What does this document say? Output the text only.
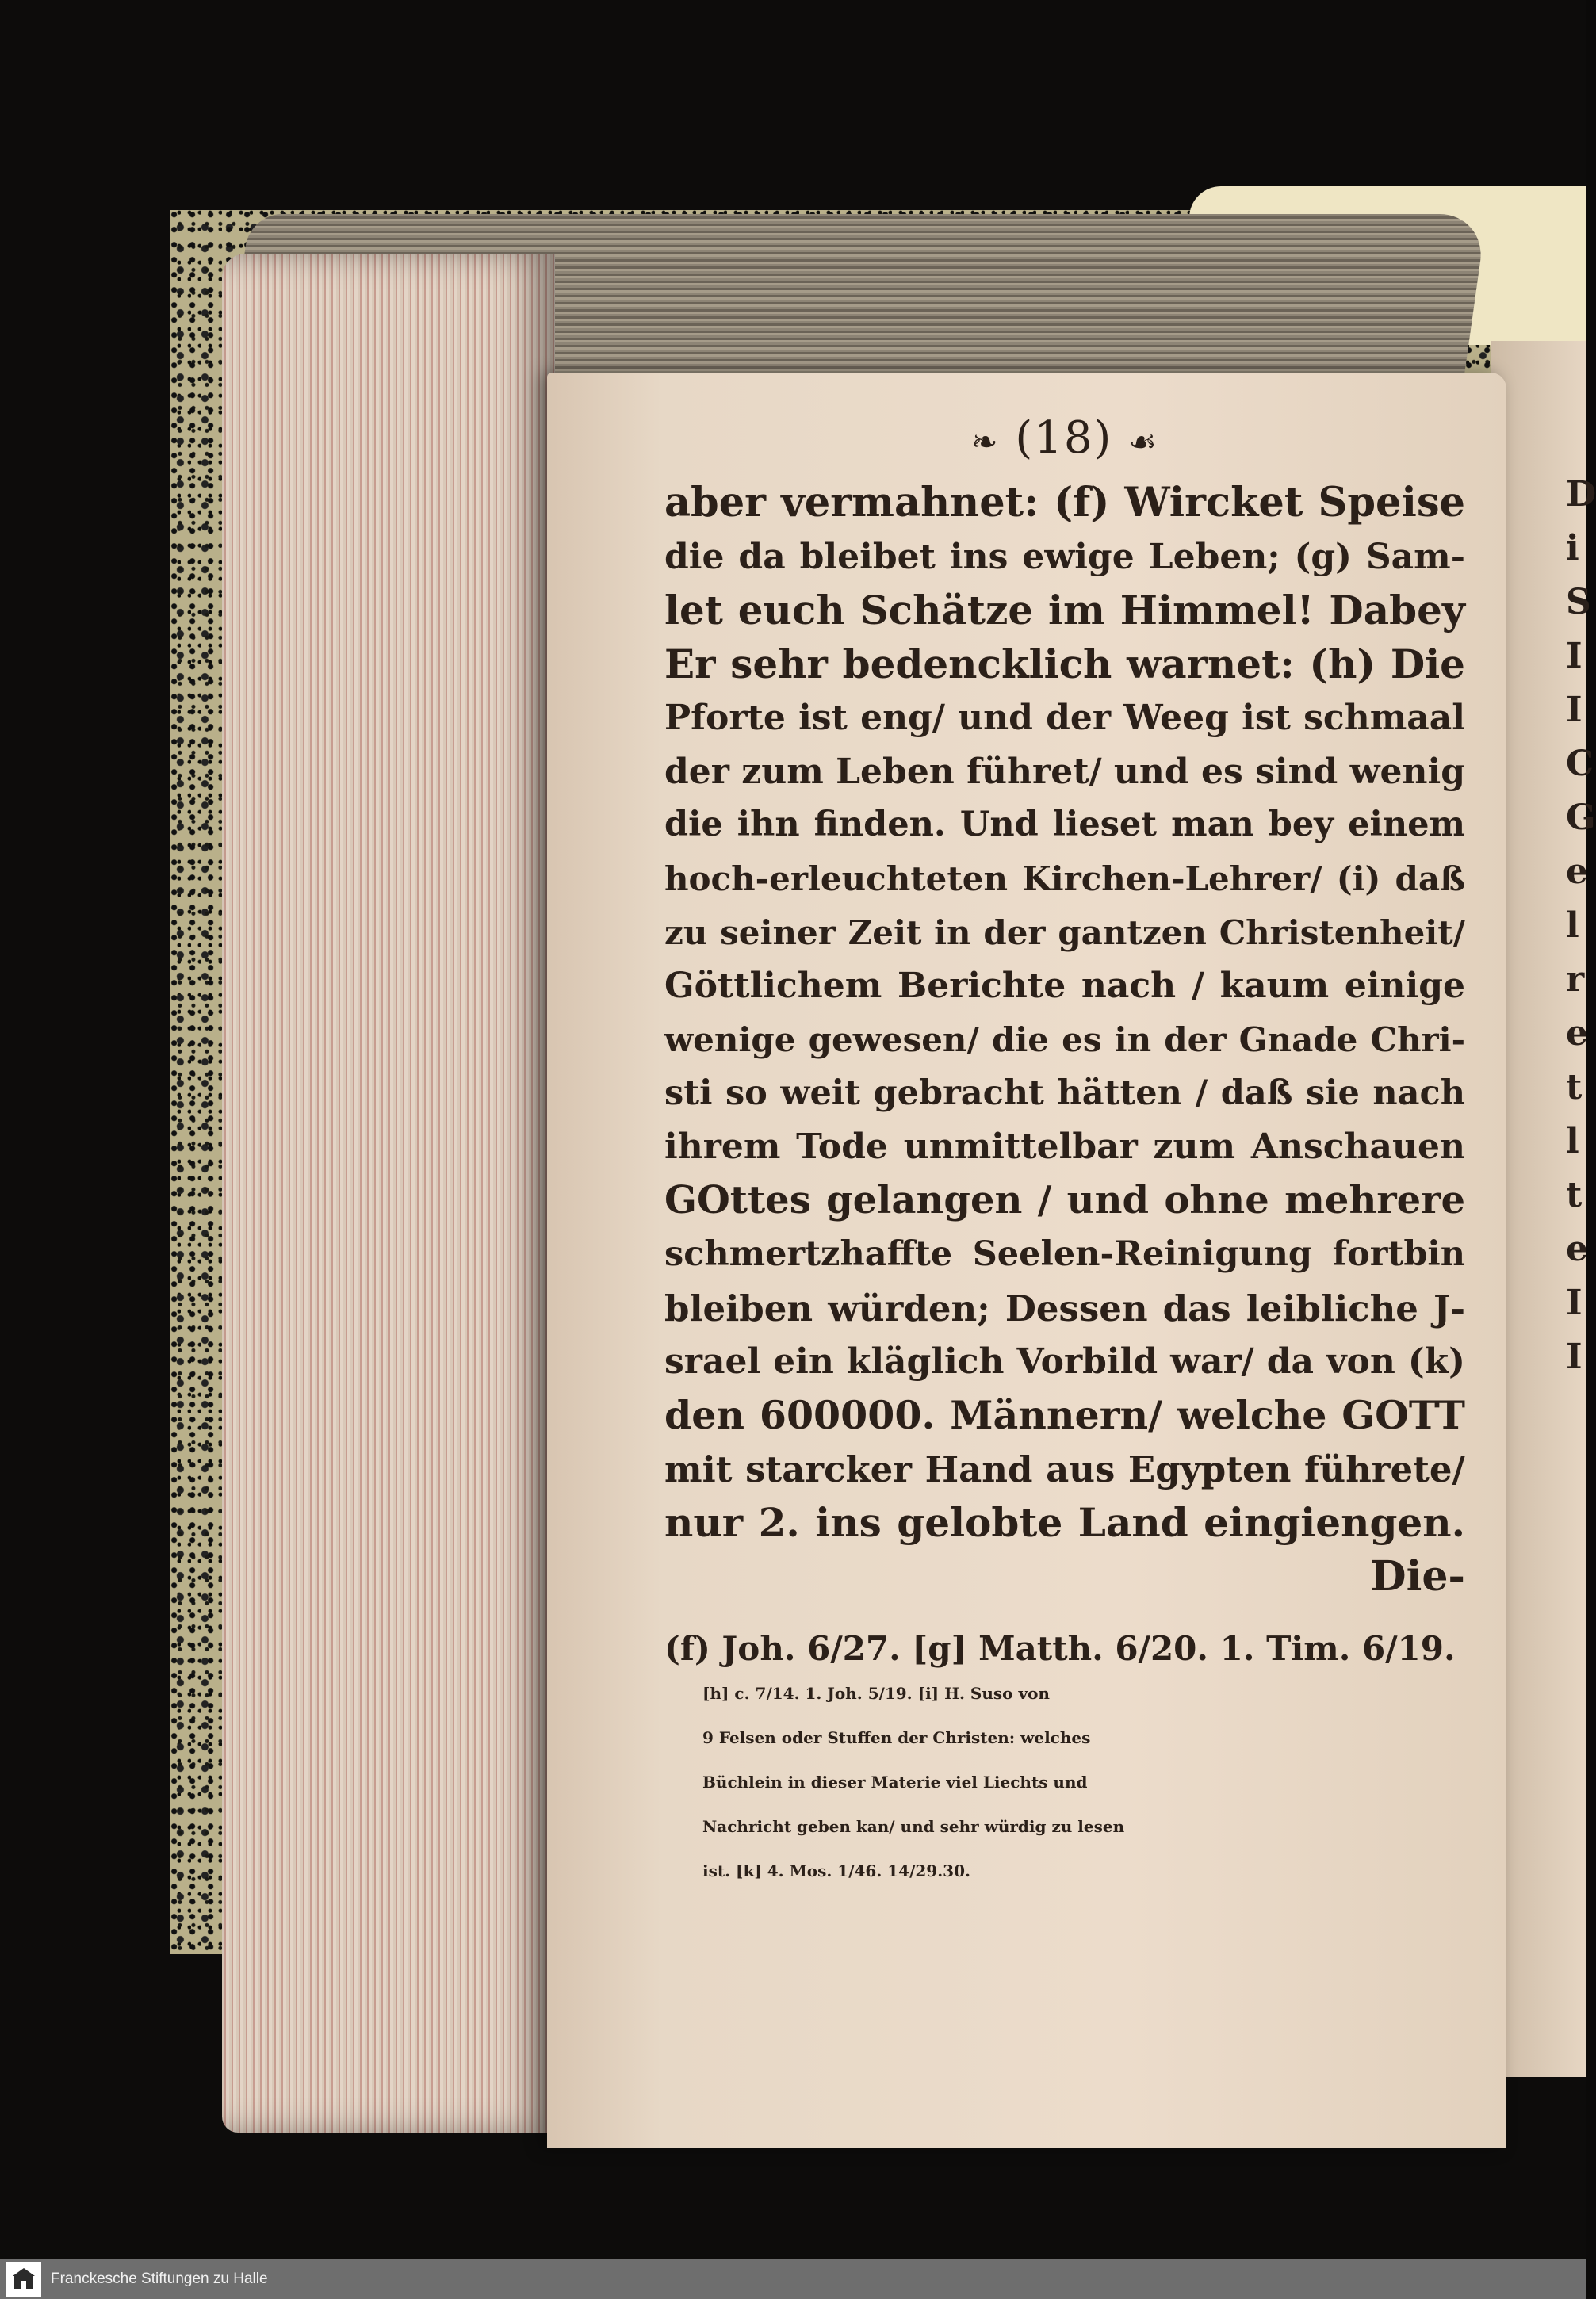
D i S I I C G e l r e t l t e I I
❧ (18) ☙
aber vermahnet: (f) Wircket Speise
die da bleibet ins ewige Leben; (g) Sam-
let euch Schätze im Himmel! Dabey
Er sehr bedencklich warnet: (h) Die
Pforte ist eng/ und der Weeg ist schmaal
der zum Leben führet/ und es sind wenig
die ihn finden. Und lieset man bey einem
hoch-erleuchteten Kirchen-Lehrer/ (i) daß
zu seiner Zeit in der gantzen Christenheit/
Göttlichem Berichte nach / kaum einige
wenige gewesen/ die es in der Gnade Chri-
sti so weit gebracht hätten / daß sie nach
ihrem Tode unmittelbar zum Anschauen
GOttes gelangen / und ohne mehrere
schmertzhaffte Seelen-Reinigung fortbin
bleiben würden; Dessen das leibliche J-
srael ein kläglich Vorbild war/ da von (k)
den 600000. Männern/ welche GOTT
mit starcker Hand aus Egypten führete/
nur 2. ins gelobte Land eingiengen.
Die-
(f) Joh. 6/27. [g] Matth. 6/20. 1. Tim. 6/19.
[h] c. 7/14. 1. Joh. 5/19. [i] H. Suso von
9 Felsen oder Stuffen der Christen: welches
Büchlein in dieser Materie viel Liechts und
Nachricht geben kan/ und sehr würdig zu lesen
ist. [k] 4. Mos. 1/46. 14/29.30.
Franckesche Stiftungen zu Halle
